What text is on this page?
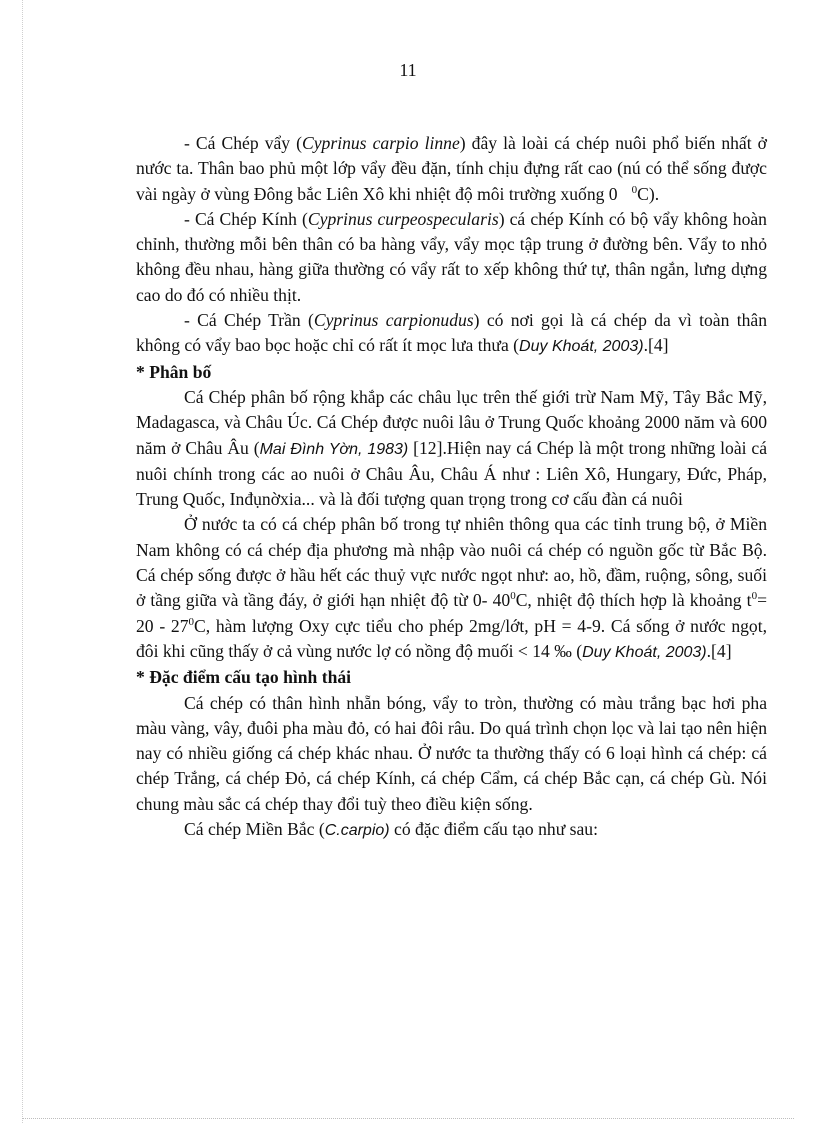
11

- Cá Chép vẩy (Cyprinus carpio linne) đây là loài cá chép nuôi phổ biến nhất ở nước ta. Thân bao phủ một lớp vẩy đều đặn, tính chịu đựng rất cao (nú có thể sống được vài ngày ở vùng Đông bắc Liên Xô khi nhiệt độ môi trường xuống 0 $^0$C).

- Cá Chép Kính (Cyprinus curpeospecularis) cá chép Kính có bộ vẩy không hoàn chỉnh, thường mỗi bên thân có ba hàng vẩy, vẩy mọc tập trung ở đường bên. Vẩy to nhỏ không đều nhau, hàng giữa thường có vẩy rất to xếp không thứ tự, thân ngắn, lưng dựng cao do đó có nhiều thịt.

- Cá Chép Trần (Cyprinus carpionudus) có nơi gọi là cá chép da vì toàn thân không có vẩy bao bọc hoặc chỉ có rất ít mọc lưa thưa (Duy Khoát, 2003).[4]

* Phân bố

Cá Chép phân bố rộng khắp các châu lục trên thế giới trừ Nam Mỹ, Tây Bắc Mỹ, Madagasca, và Châu Úc. Cá Chép được nuôi lâu ở Trung Quốc khoảng 2000 năm và 600 năm ở Châu Âu (Mai Đình Yờn, 1983) [12].Hiện nay cá Chép là một trong những loài cá nuôi chính trong các ao nuôi ở Châu Âu, Châu Á như : Liên Xô, Hungary, Đức, Pháp, Trung Quốc, Inđụnờxia... và là đối tượng quan trọng trong cơ cấu đàn cá nuôi

Ở nước ta có cá chép phân bố trong tự nhiên thông qua các tỉnh trung bộ, ở Miền Nam không có cá chép địa phương mà nhập vào nuôi cá chép có nguồn gốc từ Bắc Bộ. Cá chép sống được ở hầu hết các thuỷ vực nước ngọt như: ao, hồ, đầm, ruộng, sông, suối ở tầng giữa và tầng đáy, ở giới hạn nhiệt độ từ 0- $40^0C$, nhiệt độ thích hợp là khoảng $t^0= 20 - 27^0C$, hàm lượng Oxy cực tiểu cho phép 2mg/lớt, pH = 4-9. Cá sống ở nước ngọt, đôi khi cũng thấy ở cả vùng nước lợ có nồng độ muối < 14 ‰ (Duy Khoát, 2003).[4]

* Đặc điểm cấu tạo hình thái

Cá chép có thân hình nhẵn bóng, vẩy to tròn, thường có màu trắng bạc hơi pha màu vàng, vây, đuôi pha màu đỏ, có hai đôi râu. Do quá trình chọn lọc và lai tạo nên hiện nay có nhiều giống cá chép khác nhau. Ở nước ta thường thấy có 6 loại hình cá chép: cá chép Trắng, cá chép Đỏ, cá chép Kính, cá chép Cẩm, cá chép Bắc cạn, cá chép Gù. Nói chung màu sắc cá chép thay đổi tuỳ theo điều kiện sống.

Cá chép Miền Bắc (C.carpio) có đặc điểm cấu tạo như sau:
